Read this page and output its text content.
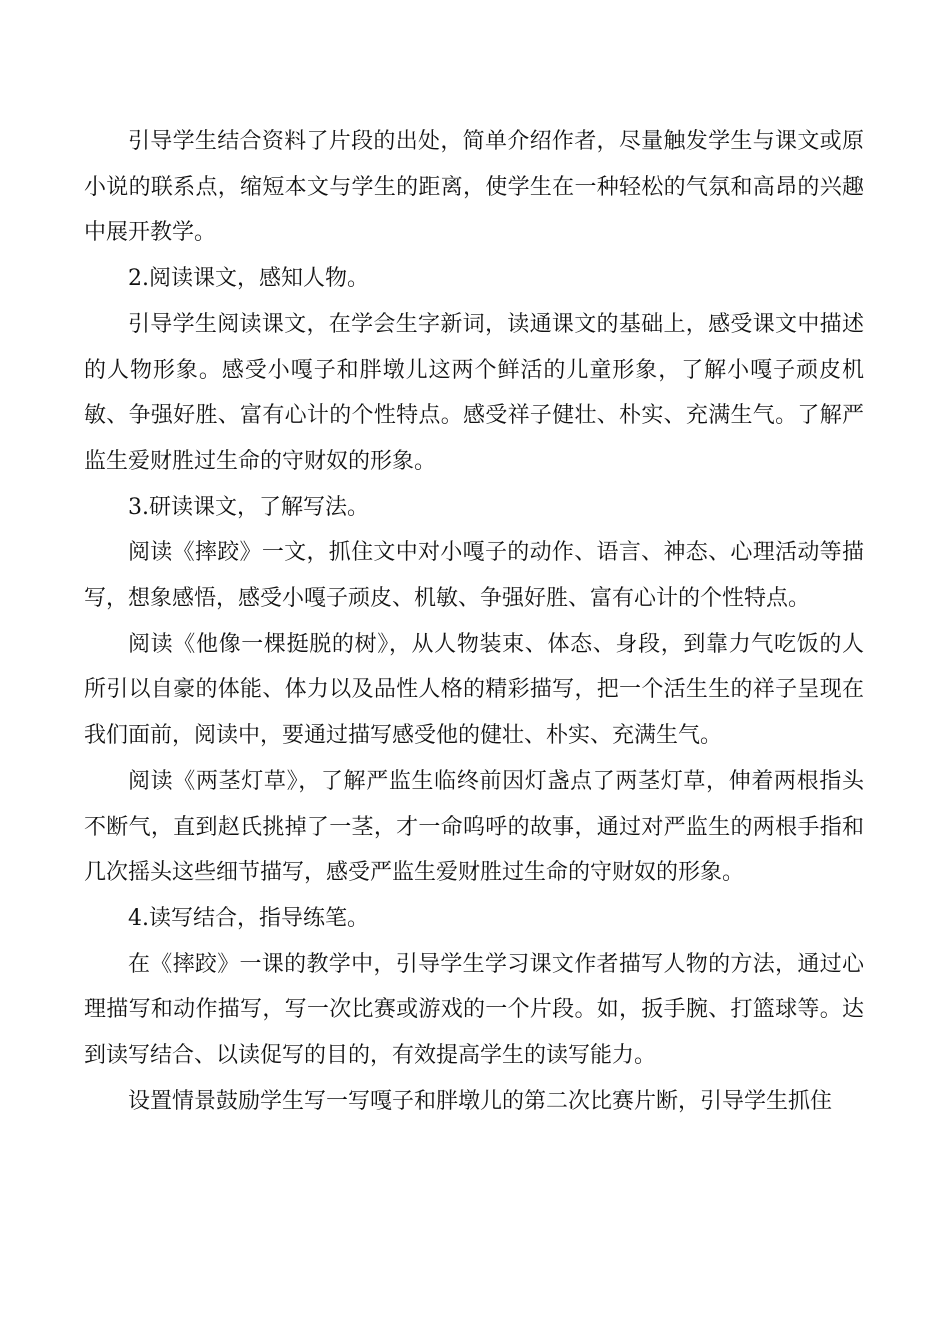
引导学生结合资料了片段的出处，简单介绍作者，尽量触发学生与课文或原小说的联系点，缩短本文与学生的距离，使学生在一种轻松的气氛和高昂的兴趣中展开教学。

2.阅读课文，感知人物。

引导学生阅读课文，在学会生字新词，读通课文的基础上，感受课文中描述的人物形象。感受小嘎子和胖墩儿这两个鲜活的儿童形象，了解小嘎子顽皮机敏、争强好胜、富有心计的个性特点。感受祥子健壮、朴实、充满生气。了解严监生爱财胜过生命的守财奴的形象。

3.研读课文，了解写法。

阅读《摔跤》一文，抓住文中对小嘎子的动作、语言、神态、心理活动等描写，想象感悟，感受小嘎子顽皮、机敏、争强好胜、富有心计的个性特点。

阅读《他像一棵挺脱的树》，从人物装束、体态、身段，到靠力气吃饭的人所引以自豪的体能、体力以及品性人格的精彩描写，把一个活生生的祥子呈现在我们面前，阅读中，要通过描写感受他的健壮、朴实、充满生气。

阅读《两茎灯草》，了解严监生临终前因灯盏点了两茎灯草，伸着两根指头不断气，直到赵氏挑掉了一茎，才一命呜呼的故事，通过对严监生的两根手指和几次摇头这些细节描写，感受严监生爱财胜过生命的守财奴的形象。

4.读写结合，指导练笔。

在《摔跤》一课的教学中，引导学生学习课文作者描写人物的方法，通过心理描写和动作描写，写一次比赛或游戏的一个片段。如，扳手腕、打篮球等。达到读写结合、以读促写的目的，有效提高学生的读写能力。

设置情景鼓励学生写一写嘎子和胖墩儿的第二次比赛片断，引导学生抓住
